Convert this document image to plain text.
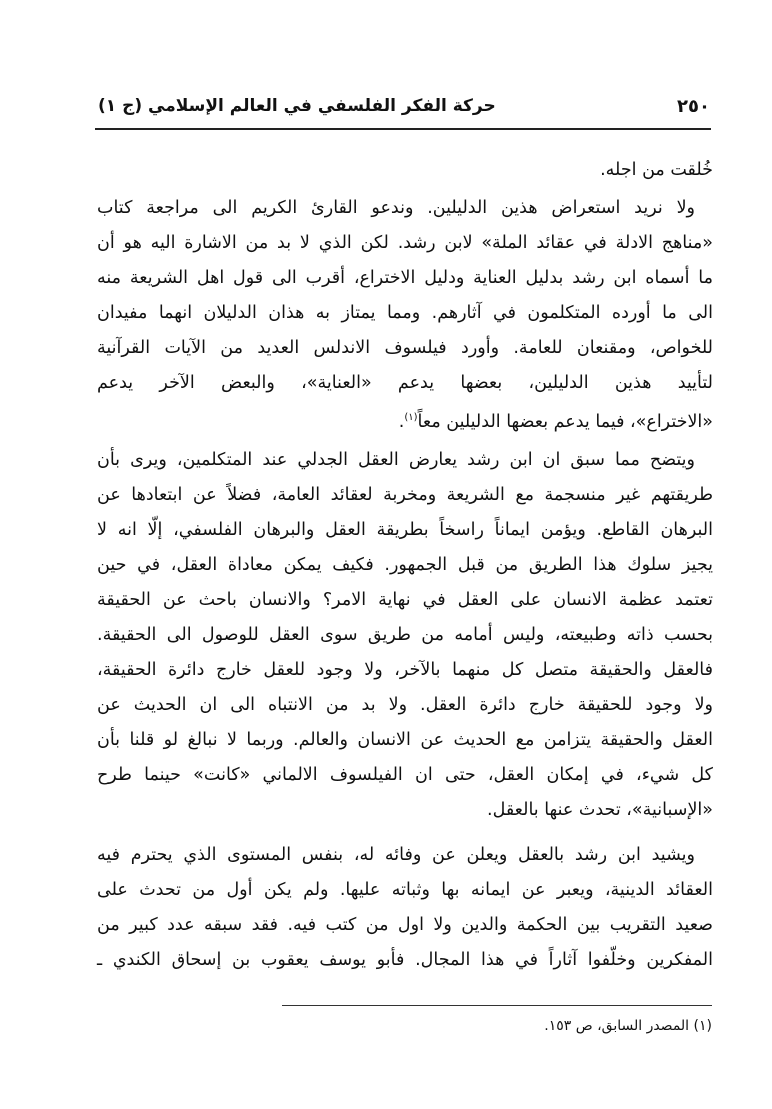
٢٥٠
حركة الفكر الفلسفي في العالم الإسلامي (ج ١)
خُلقت من اجله.
ولا نريد استعراض هذين الدليلين. وندعو القارئ الكريم الى مراجعة كتاب
«مناهج الادلة في عقائد الملة» لابن رشد. لكن الذي لا بد من الاشارة اليه هو أن
ما أسماه ابن رشد بدليل العناية ودليل الاختراع، أقرب الى قول اهل الشريعة منه
الى ما أورده المتكلمون في آثارهم. ومما يمتاز به هذان الدليلان انهما مفيدان
للخواص، ومقنعان للعامة. وأورد فيلسوف الاندلس العديد من الآيات القرآنية
لتأييد هذين الدليلين، بعضها يدعم «العناية»، والبعض الآخر يدعم
«الاختراع»، فيما يدعم بعضها الدليلين معاً$^{(١)}$.
ويتضح مما سبق ان ابن رشد يعارض العقل الجدلي عند المتكلمين، ويرى بأن
طريقتهم غير منسجمة مع الشريعة ومخربة لعقائد العامة، فضلاً عن ابتعادها عن
البرهان القاطع. ويؤمن ايماناً راسخاً بطريقة العقل والبرهان الفلسفي، إلّا انه لا
يجيز سلوك هذا الطريق من قبل الجمهور. فكيف يمكن معاداة العقل، في حين
تعتمد عظمة الانسان على العقل في نهاية الامر؟ والانسان باحث عن الحقيقة
بحسب ذاته وطبيعته، وليس أمامه من طريق سوى العقل للوصول الى الحقيقة.
فالعقل والحقيقة متصل كل منهما بالآخر، ولا وجود للعقل خارج دائرة الحقيقة،
ولا وجود للحقيقة خارج دائرة العقل. ولا بد من الانتباه الى ان الحديث عن
العقل والحقيقة يتزامن مع الحديث عن الانسان والعالم. وربما لا نبالغ لو قلنا بأن
كل شيء، في إمكان العقل، حتى ان الفيلسوف الالماني «كانت» حينما طرح
«الإسبانية»، تحدث عنها بالعقل.
ويشيد ابن رشد بالعقل ويعلن عن وفائه له، بنفس المستوى الذي يحترم فيه
العقائد الدينية، ويعبر عن ايمانه بها وثباته عليها. ولم يكن أول من تحدث على
صعيد التقريب بين الحكمة والدين ولا اول من كتب فيه. فقد سبقه عدد كبير من
المفكرين وخلّفوا آثاراً في هذا المجال. فأبو يوسف يعقوب بن إسحاق الكندي ـ
(١) المصدر السابق، ص ١٥٣.
